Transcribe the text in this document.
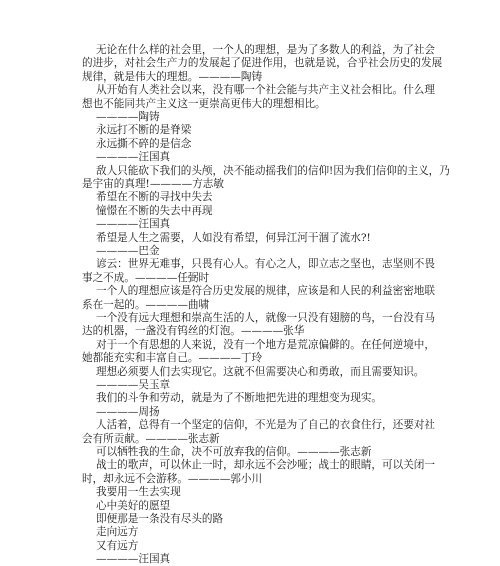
无论在什么样的社会里，一个人的理想，是为了多数人的利益，为了社会
的进步，对社会生产力的发展起了促进作用，也就是说，合乎社会历史的发展
规律，就是伟大的理想。————陶铸
从开始有人类社会以来，没有哪一个社会能与共产主义社会相比。什么理
想也不能同共产主义这一更崇高更伟大的理想相比。
————陶铸
永远打不断的是脊梁
永远撕不碎的是信念
————汪国真
敌人只能砍下我们的头颅，决不能动摇我们的信仰!因为我们信仰的主义，乃
是宇宙的真理!————方志敏
希望在不断的寻找中失去
憧憬在不断的失去中再现
————汪国真
希望是人生之需要，人如没有希望，何异江河干涸了流水?!
————巴金
谚云：世界无难事，只畏有心人。有心之人，即立志之坚也，志坚则不畏
事之不成。————任弼时
一个人的理想应该是符合历史发展的规律，应该是和人民的利益密密地联
系在一起的。————曲啸
一个没有远大理想和崇高生活的人，就像一只没有翅膀的鸟，一台没有马
达的机器，一盏没有钨丝的灯泡。————张华
对于一个有思想的人来说，没有一个地方是荒凉偏僻的。在任何逆境中，
她都能充实和丰富自己。————丁玲
理想必须要人们去实现它。这就不但需要决心和勇敢，而且需要知识。
————吴玉章
我们的斗争和劳动，就是为了不断地把先进的理想变为现实。
————周扬
人活着，总得有一个坚定的信仰，不光是为了自己的衣食住行，还要对社
会有所贡献。————张志新
可以牺牲我的生命，决不可放弃我的信仰。————张志新
战士的歌声，可以休止一时，却永远不会沙哑；战士的眼睛，可以关闭一
时，却永远不会游移。————郭小川
我要用一生去实现
心中美好的愿望
即便那是一条没有尽头的路
走向远方
又有远方
————汪国真
